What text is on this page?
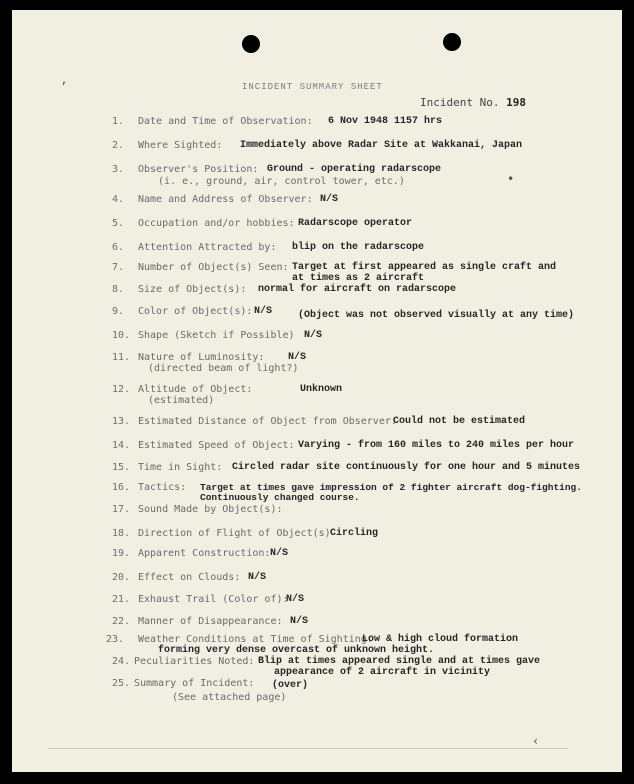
’
•
INCIDENT SUMMARY SHEET
Incident No. 198
1. Date and Time of Observation: 6 Nov 1948 1157 hrs
2. Where Sighted: Immediately above Radar Site at Wakkanai, Japan
3. Observer's Position: Ground - operating radarscope
(i. e., ground, air, control tower, etc.)
4. Name and Address of Observer: N/S
5. Occupation and/or hobbies: Radarscope operator
6. Attention Attracted by: blip on the radarscope
7. Number of Object(s) Seen: Target at first appeared as single craft and
at times as 2 aircraft
8. Size of Object(s): normal for aircraft on radarscope
9. Color of Object(s): N/S	(Object was not observed visually at any time)
10. Shape (Sketch if Possible) N/S
11. Nature of Luminosity: N/S
(directed beam of light?)
12. Altitude of Object:	Unknown
(estimated)
13. Estimated Distance of Object from Observer:
Could not be estimated
14. Estimated Speed of Object: Varying - from 160 miles to 240 miles per hour
15. Time in Sight: Circled radar site continuously for one hour and 5 minutes
16. Tactics: Target at times gave impression of 2 fighter aircraft dog-fighting.
Continuously changed course.
17. Sound Made by Object(s):
18. Direction of Flight of Object(s) Circling
19. Apparent Construction: N/S
20. Effect on Clouds: N/S
21. Exhaust Trail (Color of):
N/S
22. Manner of Disappearance: N/S
23. Weather Conditions at Time of Sighting:
Low & high cloud formation
forming very dense overcast of unknown height.
24. Peculiarities Noted: Blip at times appeared single and at times gave
appearance of 2 aircraft in vicinity
25. Summary of Incident: (over)
(See attached page)
‹
